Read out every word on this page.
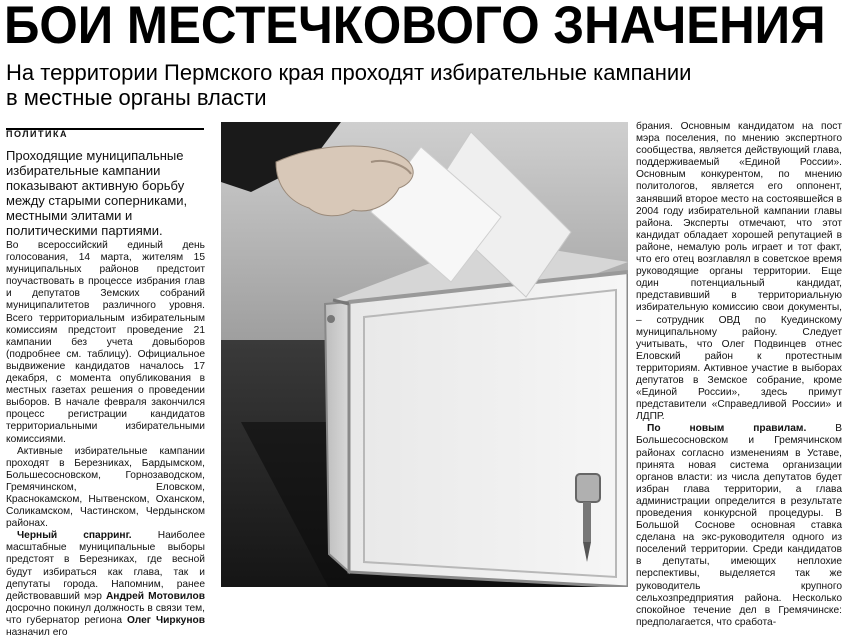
БОИ МЕСТЕЧКОВОГО ЗНАЧЕНИЯ
На территории Пермского края проходят избирательные кампании
в местные органы власти
ПОЛИТИКА
Проходящие муниципальные избирательные кампании показывают активную борьбу между старыми соперниками, местными элитами и политическими партиями.

Во всероссийский единый день голосования, 14 марта, жителям 15 муниципальных районов предстоит поучаствовать в процессе избрания глав и депутатов Земских собраний муниципалитетов различного уровня. Всего территориальным избирательным комиссиям предстоит проведение 21 кампании без учета довыборов (подробнее см. таблицу). Официальное выдвижение кандидатов началось 17 декабря, с момента опубликования в местных газетах решения о проведении выборов. В начале февраля закончился процесс регистрации кандидатов территориальными избирательными комиссиями.

Активные избирательные кампании проходят в Березниках, Бардымском, Большесосновском, Горнозаводском, Гремячинском, Еловском, Краснокамском, Нытвенском, Оханском, Соликамском, Частинском, Чердынском районах.

Черный спарринг. Наиболее масштабные муниципальные выборы предстоят в Березниках, где весной будут избираться как глава, так и депутаты города. Напомним, ранее действовавший мэр Андрей Мотовилов досрочно покинул должность в связи тем, что губернатор региона Олег Чиркунов назначил его

брания. Основным кандидатом на пост мэра поселения, по мнению экспертного сообщества, является действующий глава, поддерживаемый «Единой России». Основным конкурентом, по мнению политологов, является его оппонент, занявший второе место на состоявшейся в 2004 году избирательной кампании главы района. Эксперты отмечают, что этот кандидат обладает хорошей репутацией в районе, немалую роль играет и тот факт, что его отец возглавлял в советское время руководящие органы территории. Еще один потенциальный кандидат, представивший в территориальную избирательную комиссию свои документы, – сотрудник ОВД по Куединскому муниципальному району. Следует учитывать, что Олег Подвинцев отнес Еловский район к протестным территориям. Активное участие в выборах депутатов в Земское собрание, кроме «Единой России», здесь примут представители «Справедливой России» и ЛДПР.

По новым правилам. В Большесосновском и Гремячинском районах согласно изменениям в Уставе, принята новая система организации органов власти: из числа депутатов будет избран глава территории, а глава администрации определится в результате проведения конкурсной процедуры. В Большой Соснове основная ставка сделана на экс-руководителя одного из поселений территории. Среди кандидатов в депутаты, имеющих неплохие перспективы, выделяется так же руководитель крупного сельхозпредприятия района. Несколько спокойное течение дел в Гремячинске: предполагается, что сработа-
